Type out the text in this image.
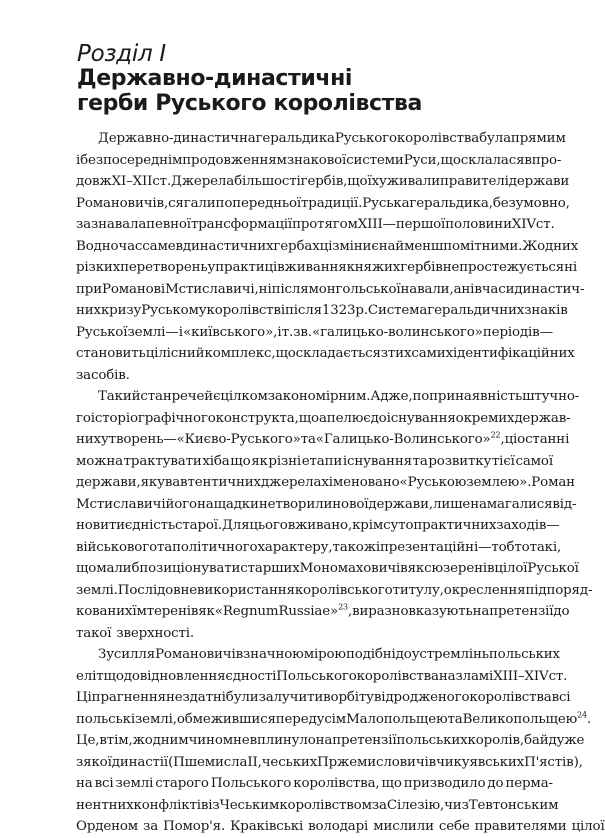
Розділ І
Державно-династичні
герби Руського королівства
Державно-династична геральдика Руського королівства була прямим
і безпосереднім продовженням знакової системи Руси, що склалася впро-
довж XI–XII ст. Джерела більшості гербів, що їх уживали правителі держави
Романовичів, сягали попередньої традиції. Руська геральдика, безумовно,
зазнавала певної трансформації протягом XIII — першої половини XIV ст.
Водночас саме в династичних гербах ці зміни є найменш помітними. Жодних
різких перетворень у практиці вживання княжих гербів не простежується ні
при Романові Мстиславичі, ні після монгольської навали, ані в часи династич-
них криз у Руському королівстві після 1323 р. Система геральдичних знаків
Руської землі — і «київського», і т. зв. «галицько-волинського» періодів —
становить цілісний комплекс, що складається з тих самих ідентифікаційних
засобів.
Такий стан речей є цілком закономірним. Адже, попри наявність штучно-
го історіографічного конструкта, що апелює до існування окремих держав-
них утворень — «Києво-Руського» та «Галицько-Волинського»$^{22}$, ці останні
можна трактувати хіба що як різні етапи існування та розвитку тієї самої
держави, яку в автентичних джерелах іменовано «Руською землею». Роман
Мстиславич і його нащадки не творили нової держави, лише намагалися від-
новити єдність старої. Для цього вживано, крім суто практичних заходів —
військового та політичного характеру, також і презентаційні — тобто такі,
що мали б позиціонувати старших Мономаховичів як сюзеренів цілої Руської
землі. Послідовне використання королівського титулу, окреслення підпоряд-
кованих їм теренів як «Regnum Russiae»$^{23}$, виразно вказують на претензії до
такої зверхності.
Зусилля Романовичів значною мірою подібні до устремлінь польських
еліт щодо відновлення єдності Польського королівства на зламі XIII–XIV ст.
Ці прагнення не здатні були залучити в орбіту відродженого королівства всі
польські землі, обмежившися передусім Малопольщею та Великопольщею$^{24}$.
Це, втім, жодним чином не вплинуло на претензії польських королів, байдуже
з якої династії (Пшемисла ІІ, чеських Пржемисловичів чи куявських П'ястів),
на всі землі старого Польського королівства, що призводило до перма-
нентних конфліктів із Чеським королівством за Сілезію, чи з Тевтонським
Орденом за Помор'я. Краківські володарі мислили себе правителями цілої
